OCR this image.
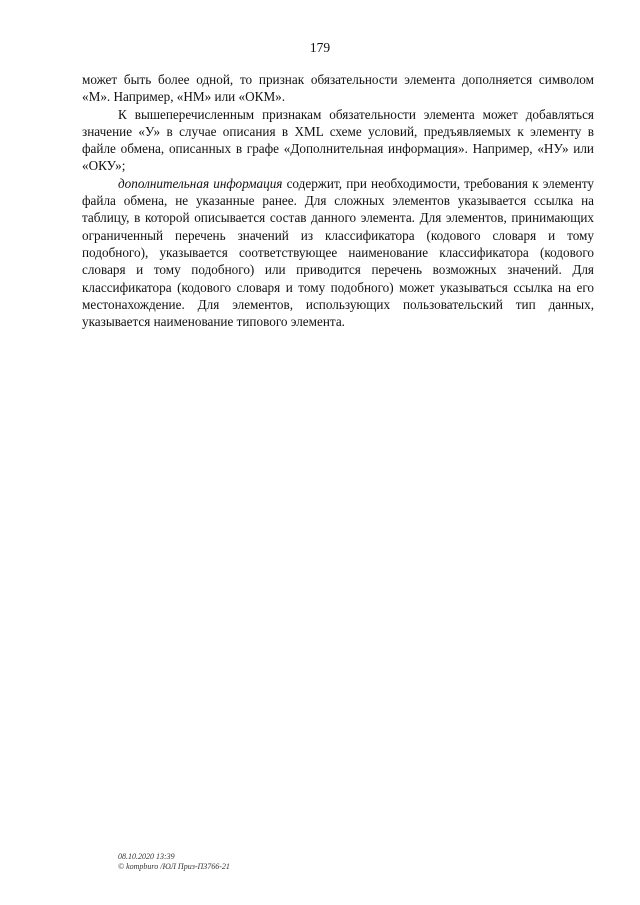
179

может быть более одной, то признак обязательности элемента дополняется символом «М». Например, «НМ» или «ОКМ».

К вышеперечисленным признакам обязательности элемента может добавляться значение «У» в случае описания в XML схеме условий, предъявляемых к элементу в файле обмена, описанных в графе «Дополнительная информация». Например, «НУ» или «ОКУ»;

дополнительная информация содержит, при необходимости, требования к элементу файла обмена, не указанные ранее. Для сложных элементов указывается ссылка на таблицу, в которой описывается состав данного элемента. Для элементов, принимающих ограниченный перечень значений из классификатора (кодового словаря и тому подобного), указывается соответствующее наименование классификатора (кодового словаря и тому подобного) или приводится перечень возможных значений. Для классификатора (кодового словаря и тому подобного) может указываться ссылка на его местонахождение. Для элементов, использующих пользовательский тип данных, указывается наименование типового элемента.

08.10.2020 13:39
© kompburo /ЮЛ Приз-ПЗ766-21
